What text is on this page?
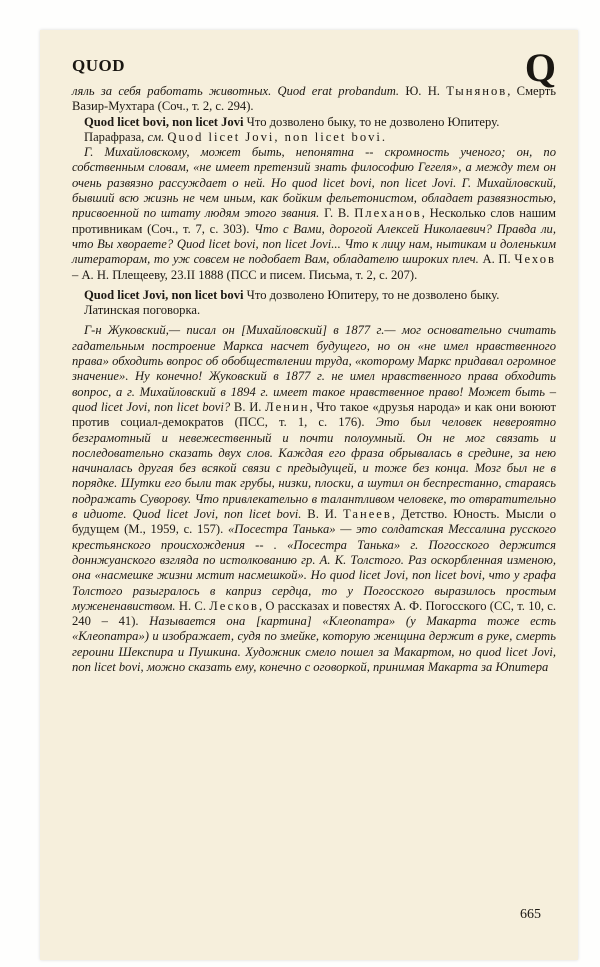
QUOD	Q

ляль за себя работать животных. Quod erat probandum. Ю. Н. Тынянов, Смерть Вазир-Мухтара (Соч., т. 2, с. 294).

Quod licet bovi, non licet Jovi Что дозволено быку, то не дозволено Юпитеру.

Парафраза, см. Quod licet Jovi, non licet bovi.

Г. Михайловскому, может быть, непонятна -- скромность ученого; он, по собственным словам, «не имеет претензий знать философию Гегеля», а между тем он очень развязно рассуждает о ней. Но quod licet bovi, non licet Jovi. Г. Михайловский, бывший всю жизнь не чем иным, как бойким фельетонистом, обладает развязностью, присвоенной по штату людям этого звания. Г. В. Плеханов, Несколько слов нашим противникам (Соч., т. 7, с. 303). Что с Вами, дорогой Алексей Николаевич? Правда ли, что Вы хвораете? Quod licet bovi, non licet Jovi... Что к лицу нам, нытикам и доленьким литераторам, то уж совсем не подобает Вам, обладателю широких плеч. А. П. Чехов – А. Н. Плещееву, 23.II 1888 (ПСС и писем. Письма, т. 2, с. 207).

Quod licet Jovi, non licet bovi Что дозволено Юпитеру, то не дозволено быку.

Латинская поговорка.

Г-н Жуковский,— писал он [Михайловский] в 1877 г.— мог основательно считать гадательным построение Маркса насчет будущего, но он «не имел нравственного права» обходить вопрос об обобществлении труда, «которому Маркс придавал огромное значение». Ну конечно! Жуковский в 1877 г. не имел нравственного права обходить вопрос, а г. Михайловский в 1894 г. имеет такое нравственное право! Может быть – quod licet Jovi, non licet bovi? В. И. Ленин, Что такое «друзья народа» и как они воюют против социал-демократов (ПСС, т. 1, с. 176). Это был человек невероятно безграмотный и невежественный и почти полоумный. Он не мог связать и последовательно сказать двух слов. Каждая его фраза обрывалась в средине, за нею начиналась другая без всякой связи с предыдущей, и тоже без конца. Мозг был не в порядке. Шутки его были так грубы, низки, плоски, а шутил он беспрестанно, стараясь подражать Суворову. Что привлекательно в талантливом человеке, то отвратительно в идиоте. Quod licet Jovi, non licet bovi. В. И. Танеев, Детство. Юность. Мысли о будущем (М., 1959, с. 157). «Посестра Танька» — это солдатская Мессалина русского крестьянского происхождения -- . «Посестра Танька» г. Погосского держится доннжуанского взгляда по истолкованию гр. А. К. Толстого. Раз оскорбленная изменою, она «насмешке жизни мстит насмешкой». Но quod licet Jovi, non licet bovi, что у графа Толстого разыгралось в каприз сердца, то у Погосского выразилось простым мужененавиством. Н. С. Лесков, О рассказах и повестях А. Ф. Погосского (СС, т. 10, с. 240 – 41). Называется она [картина] «Клеопатра» (у Макарта тоже есть «Клеопатра») и изображает, судя по змейке, которую женщина держит в руке, смерть героини Шекспира и Пушкина. Художник смело пошел за Макартом, но quod licet Jovi, non licet bovi, можно сказать ему, конечно с оговоркой, принимая Макарта за Юпитера

665
